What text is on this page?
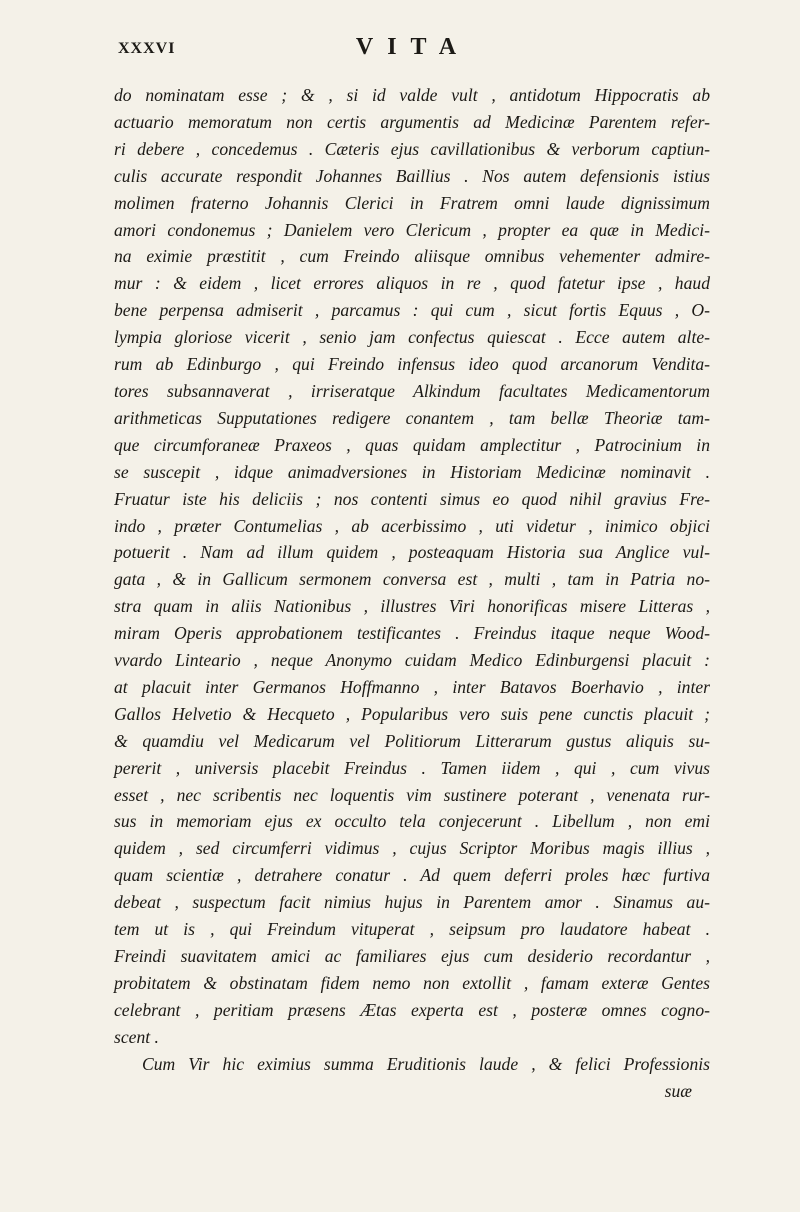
XXXVI	VITA
do nominatam esse ; & , si id valde vult , antidotum Hippocratis ab
actuario memoratum non certis argumentis ad Medicinæ Parentem refer-
ri debere , concedemus . Cæteris ejus cavillationibus & verborum captiun-
culis accurate respondit Johannes Baillius . Nos autem defensionis istius
molimen fraterno Johannis Clerici in Fratrem omni laude dignissimum
amori condonemus ; Danielem vero Clericum , propter ea quæ in Medici-
na eximie præstitit , cum Freindo aliisque omnibus vehementer admire-
mur : & eidem , licet errores aliquos in re , quod fatetur ipse , haud
bene perpensa admiserit , parcamus : qui cum , sicut fortis Equus , O-
lympia gloriose vicerit , senio jam confectus quiescat . Ecce autem alte-
rum ab Edinburgo , qui Freindo infensus ideo quod arcanorum Vendita-
tores subsannaverat , irriseratque Alkindum facultates Medicamentorum
arithmeticas Supputationes redigere conantem , tam bellæ Theoriæ tam-
que circumforaneæ Praxeos , quas quidam amplectitur , Patrocinium in
se suscepit , idque animadversiones in Historiam Medicinæ nominavit .
Fruatur iste his deliciis ; nos contenti simus eo quod nihil gravius Fre-
indo , præter Contumelias , ab acerbissimo , uti videtur , inimico objici
potuerit . Nam ad illum quidem , posteaquam Historia sua Anglice vul-
gata , & in Gallicum sermonem conversa est , multi , tam in Patria no-
stra quam in aliis Nationibus , illustres Viri honorificas misere Litteras ,
miram Operis approbationem testificantes . Freindus itaque neque Wood-
vvardo Linteario , neque Anonymo cuidam Medico Edinburgensi placuit :
at placuit inter Germanos Hoffmanno , inter Batavos Boerhavio , inter
Gallos Helvetio & Hecqueto , Popularibus vero suis pene cunctis placuit ;
& quamdiu vel Medicarum vel Politiorum Litterarum gustus aliquis su-
pererit , universis placebit Freindus . Tamen iidem , qui , cum vivus
esset , nec scribentis nec loquentis vim sustinere poterant , venenata rur-
sus in memoriam ejus ex occulto tela conjecerunt . Libellum , non emi
quidem , sed circumferri vidimus , cujus Scriptor Moribus magis illius ,
quam scientiæ , detrahere conatur . Ad quem deferri proles hæc furtiva
debeat , suspectum facit nimius hujus in Parentem amor . Sinamus au-
tem ut is , qui Freindum vituperat , seipsum pro laudatore habeat .
Freindi suavitatem amici ac familiares ejus cum desiderio recordantur ,
probitatem & obstinatam fidem nemo non extollit , famam exteræ Gentes
celebrant , peritiam præsens Ætas experta est , posteræ omnes cogno-
scent .
Cum Vir hic eximius summa Eruditionis laude , & felici Professionis
suæ
